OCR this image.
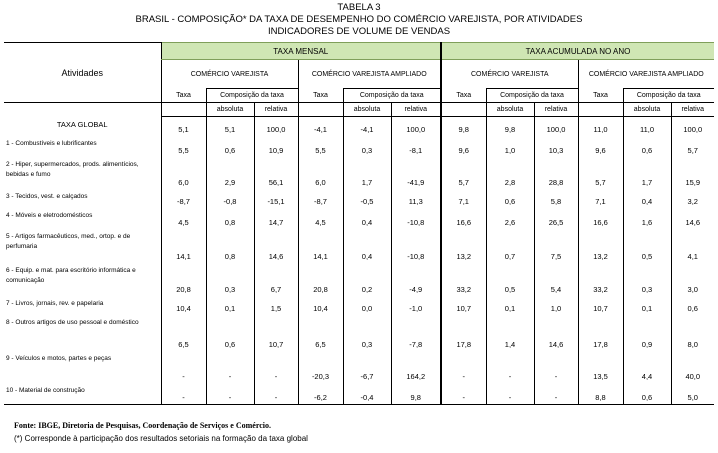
TABELA 3
BRASIL - COMPOSIÇÃO* DA TAXA DE DESEMPENHO DO COMÉRCIO VAREJISTA, POR ATIVIDADES
INDICADORES DE VOLUME DE VENDAS
Atividades	TAXA MENSAL						TAXA ACUMULADA NO ANO					
	COMÉRCIO VAREJISTA			COMÉRCIO VAREJISTA AMPLIADO			COMÉRCIO VAREJISTA			COMÉRCIO VAREJISTA AMPLIADO		
	Taxa	Composição da taxa		Taxa	Composição da taxa		Taxa	Composição da taxa		Taxa	Composição da taxa	
		absoluta	relativa		absoluta	relativa		absoluta	relativa		absoluta	relativa
TAXA GLOBAL	5,1	5,1	100,0	-4,1	-4,1	100,0	9,8	9,8	100,0	11,0	11,0	100,0
1 - Combustíveis e lubrificantes	5,5	0,6	10,9	5,5	0,3	-8,1	9,6	1,0	10,3	9,6	0,6	5,7
2 - Hiper, supermercados, prods. alimentícios, bebidas e fumo	6,0	2,9	56,1	6,0	1,7	-41,9	5,7	2,8	28,8	5,7	1,7	15,9
3 - Tecidos, vest. e calçados	-8,7	-0,8	-15,1	-8,7	-0,5	11,3	7,1	0,6	5,8	7,1	0,4	3,2
4 - Móveis e eletrodomésticos	4,5	0,8	14,7	4,5	0,4	-10,8	16,6	2,6	26,5	16,6	1,6	14,6
5 - Artigos farmacêuticos, med., ortop. e de perfumaria	14,1	0,8	14,6	14,1	0,4	-10,8	13,2	0,7	7,5	13,2	0,5	4,1
6 - Equip. e mat. para escritório informática e comunicação	20,8	0,3	6,7	20,8	0,2	-4,9	33,2	0,5	5,4	33,2	0,3	3,0
7 - Livros, jornais, rev. e papelaria	10,4	0,1	1,5	10,4	0,0	-1,0	10,7	0,1	1,0	10,7	0,1	0,6
8 - Outros artigos de uso pessoal e doméstico	6,5	0,6	10,7	6,5	0,3	-7,8	17,8	1,4	14,6	17,8	0,9	8,0
9 - Veículos e motos, partes e peças	-	-	-	-20,3	-6,7	164,2	-	-	-	13,5	4,4	40,0
10 - Material de construção	-	-	-	-6,2	-0,4	9,8	-	-	-	8,8	0,6	5,0
Fonte: IBGE, Diretoria de Pesquisas, Coordenação de Serviços e Comércio.
(*) Corresponde à participação dos resultados setoriais na formação da taxa global
